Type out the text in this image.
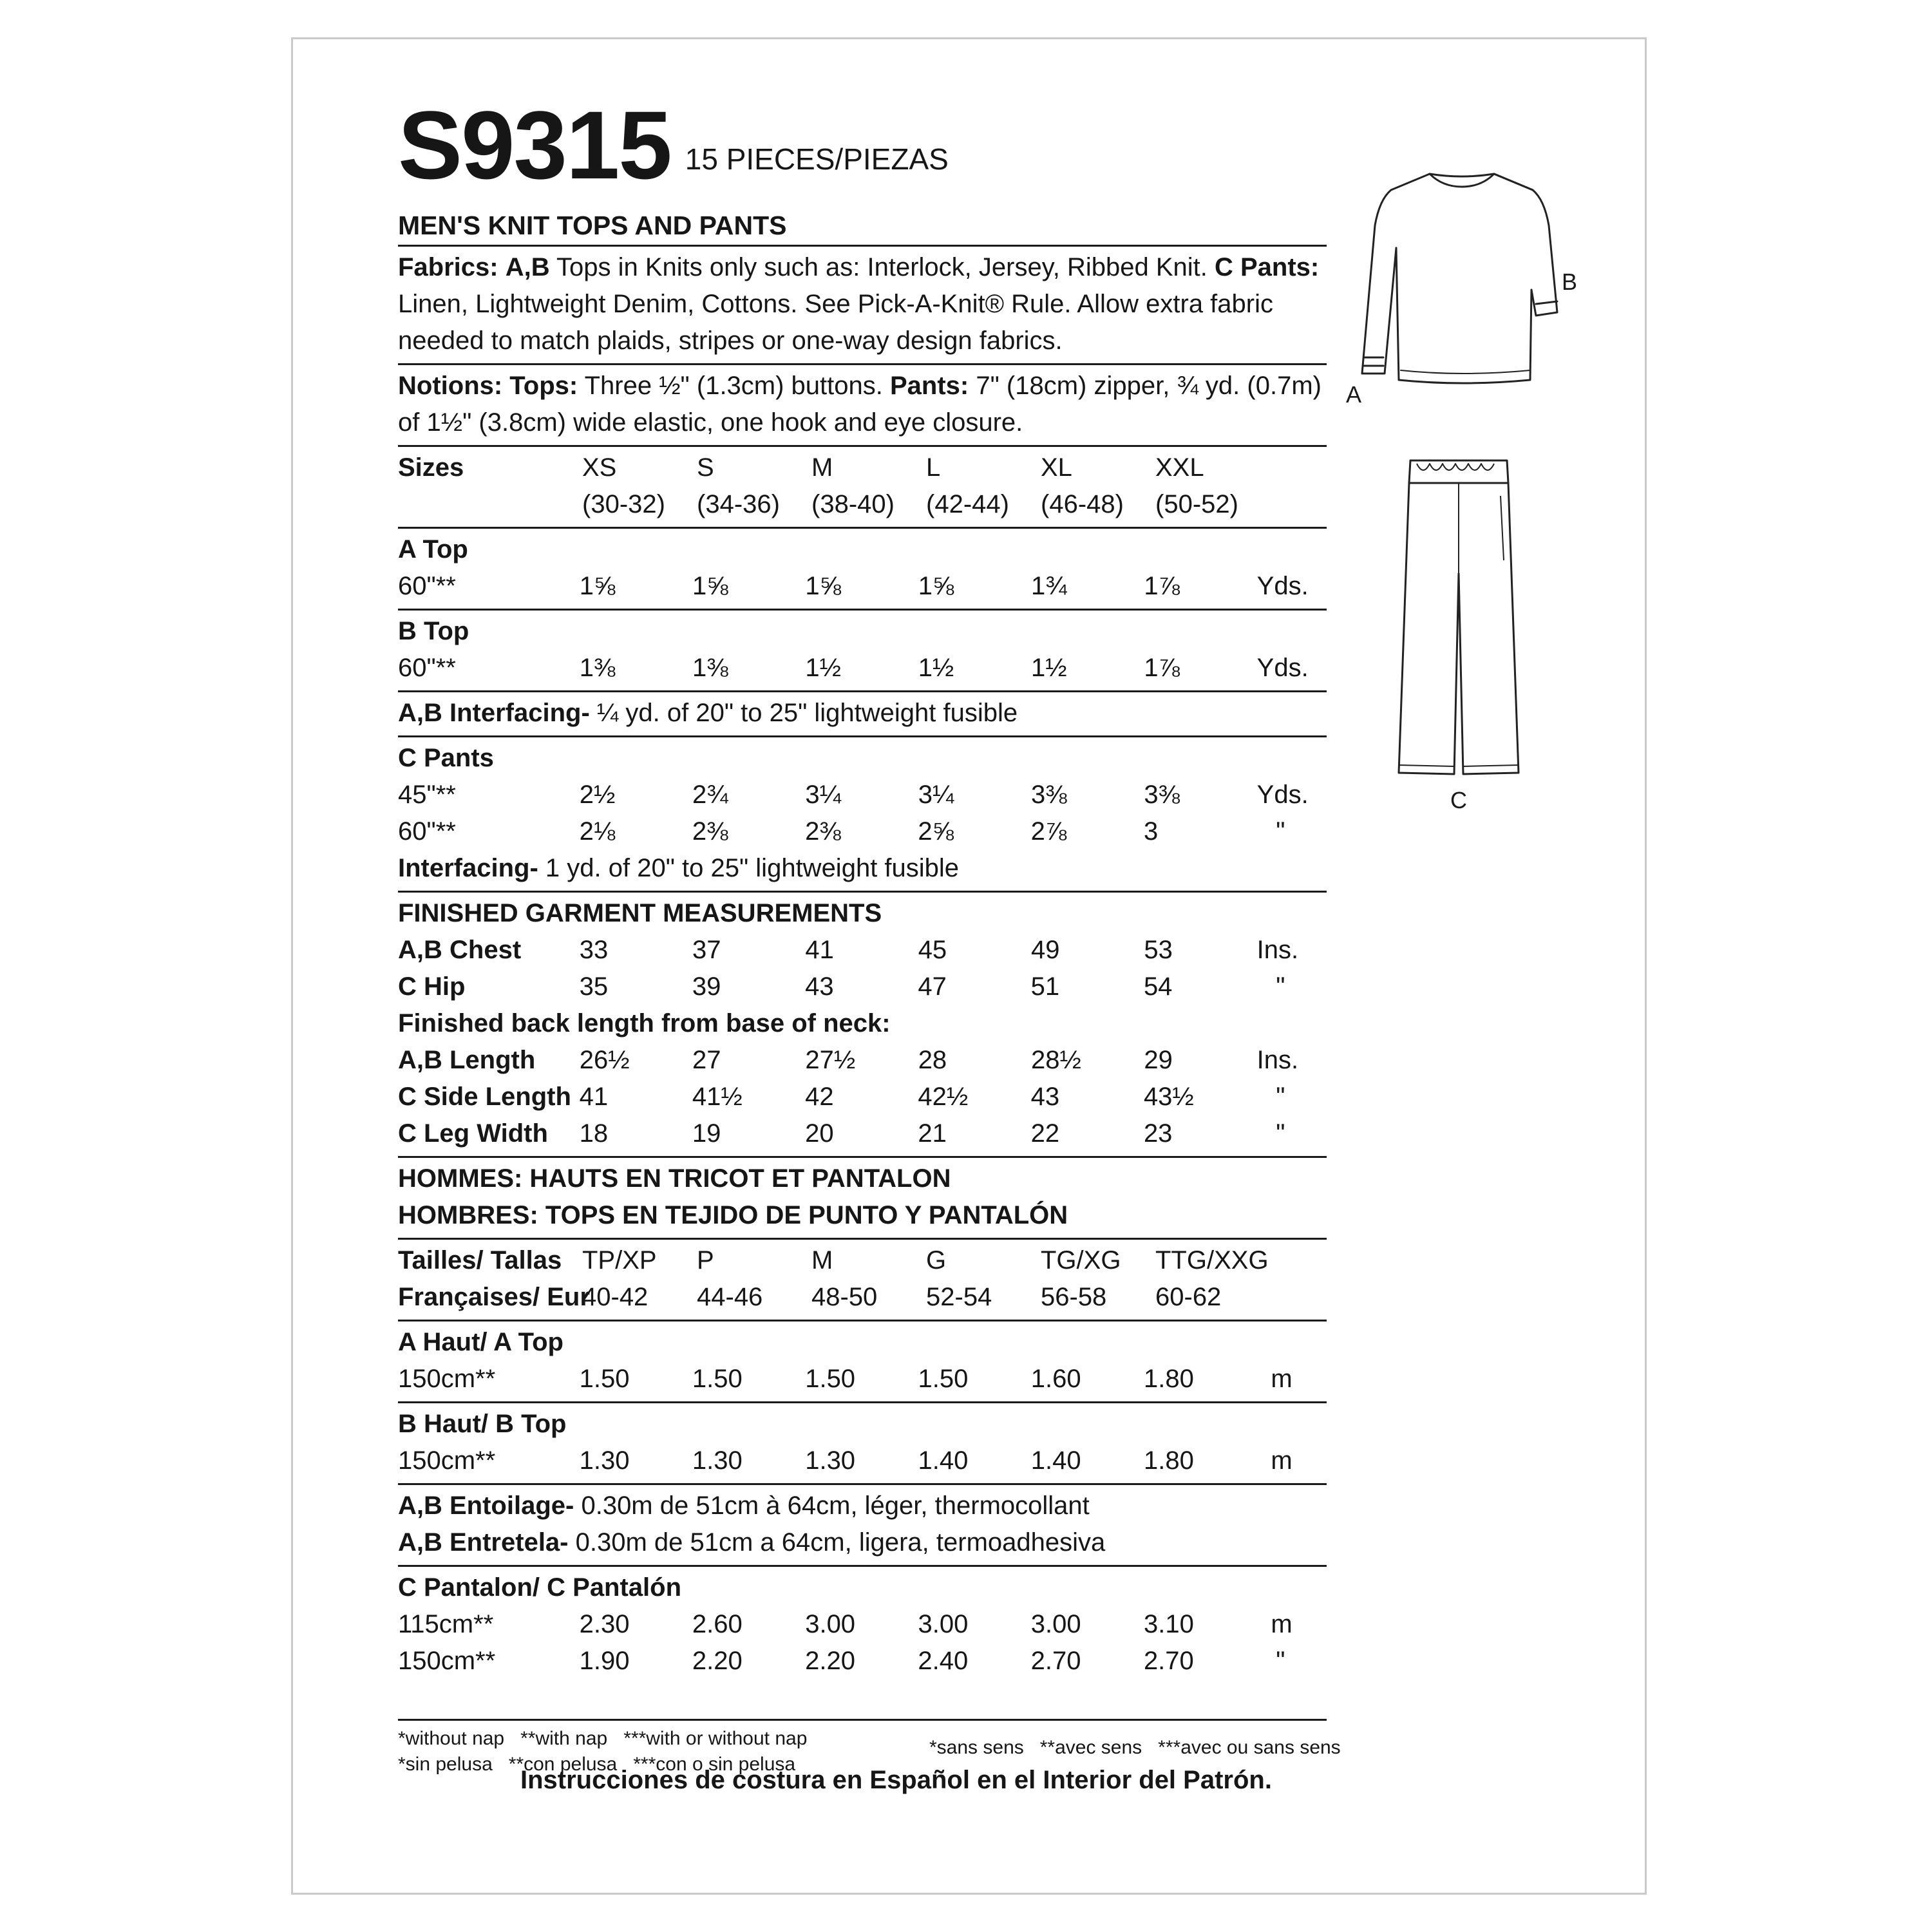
S9315 15 PIECES/PIEZAS
MEN'S KNIT TOPS AND PANTS
Fabrics: A,B Tops in Knits only such as: Interlock, Jersey, Ribbed Knit. C Pants: Linen, Lightweight Denim, Cottons. See Pick-A-Knit® Rule. Allow extra fabric needed to match plaids, stripes or one-way design fabrics.
Notions: Tops: Three ½" (1.3cm) buttons. Pants: 7" (18cm) zipper, ¾ yd. (0.7m) of 1½" (3.8cm) wide elastic, one hook and eye closure.
Sizes	XS	S	M	L	XL	XXL
(30-32)	(34-36)	(38-40)	(42-44)	(46-48)	(50-52)
A Top
60"**	1⅝	1⅝	1⅝	1⅝	1¾	1⅞	Yds.
B Top
60"**	1⅜	1⅜	1½	1½	1½	1⅞	Yds.
A,B Interfacing- ¼ yd. of 20" to 25" lightweight fusible
C Pants
45"**	2½	2¾	3¼	3¼	3⅜	3⅜	Yds.
60"**	2⅛	2⅜	2⅜	2⅝	2⅞	3	"
Interfacing- 1 yd. of 20" to 25" lightweight fusible
FINISHED GARMENT MEASUREMENTS
A,B Chest	33	37	41	45	49	53	Ins.
C Hip	35	39	43	47	51	54	"
Finished back length from base of neck:
A,B Length	26½	27	27½	28	28½	29	Ins.
C Side Length 41	41½	42	42½	43	43½	"
C Leg Width	18	19	20	21	22	23	"
HOMMES: HAUTS EN TRICOT ET PANTALON
HOMBRES: TOPS EN TEJIDO DE PUNTO Y PANTALÓN
Tailles/ Tallas TP/XP	P	M	G	TG/XG	TTG/XXG
Françaises/ Eur
40-42	44-46	48-50	52-54	56-58	60-62
A Haut/ A Top
150cm**	1.50	1.50	1.50	1.50	1.60	1.80	m
B Haut/ B Top
150cm**	1.30	1.30	1.30	1.40	1.40	1.80	m
A,B Entoilage- 0.30m de 51cm à 64cm, léger, thermocollant
A,B Entretela- 0.30m de 51cm a 64cm, ligera, termoadhesiva
C Pantalon/ C Pantalón
115cm**	2.30	2.60	3.00	3.00	3.00	3.10	m
150cm**	1.90	2.20	2.20	2.40	2.70	2.70	"
*without nap   **with nap   ***with or without nap
*sin pelusa   **con pelusa   ***con o sin pelusa
*sans sens   **avec sens   ***avec ou sans sens
Instrucciones de costura en Español en el Interior del Patrón.
B
A
C
